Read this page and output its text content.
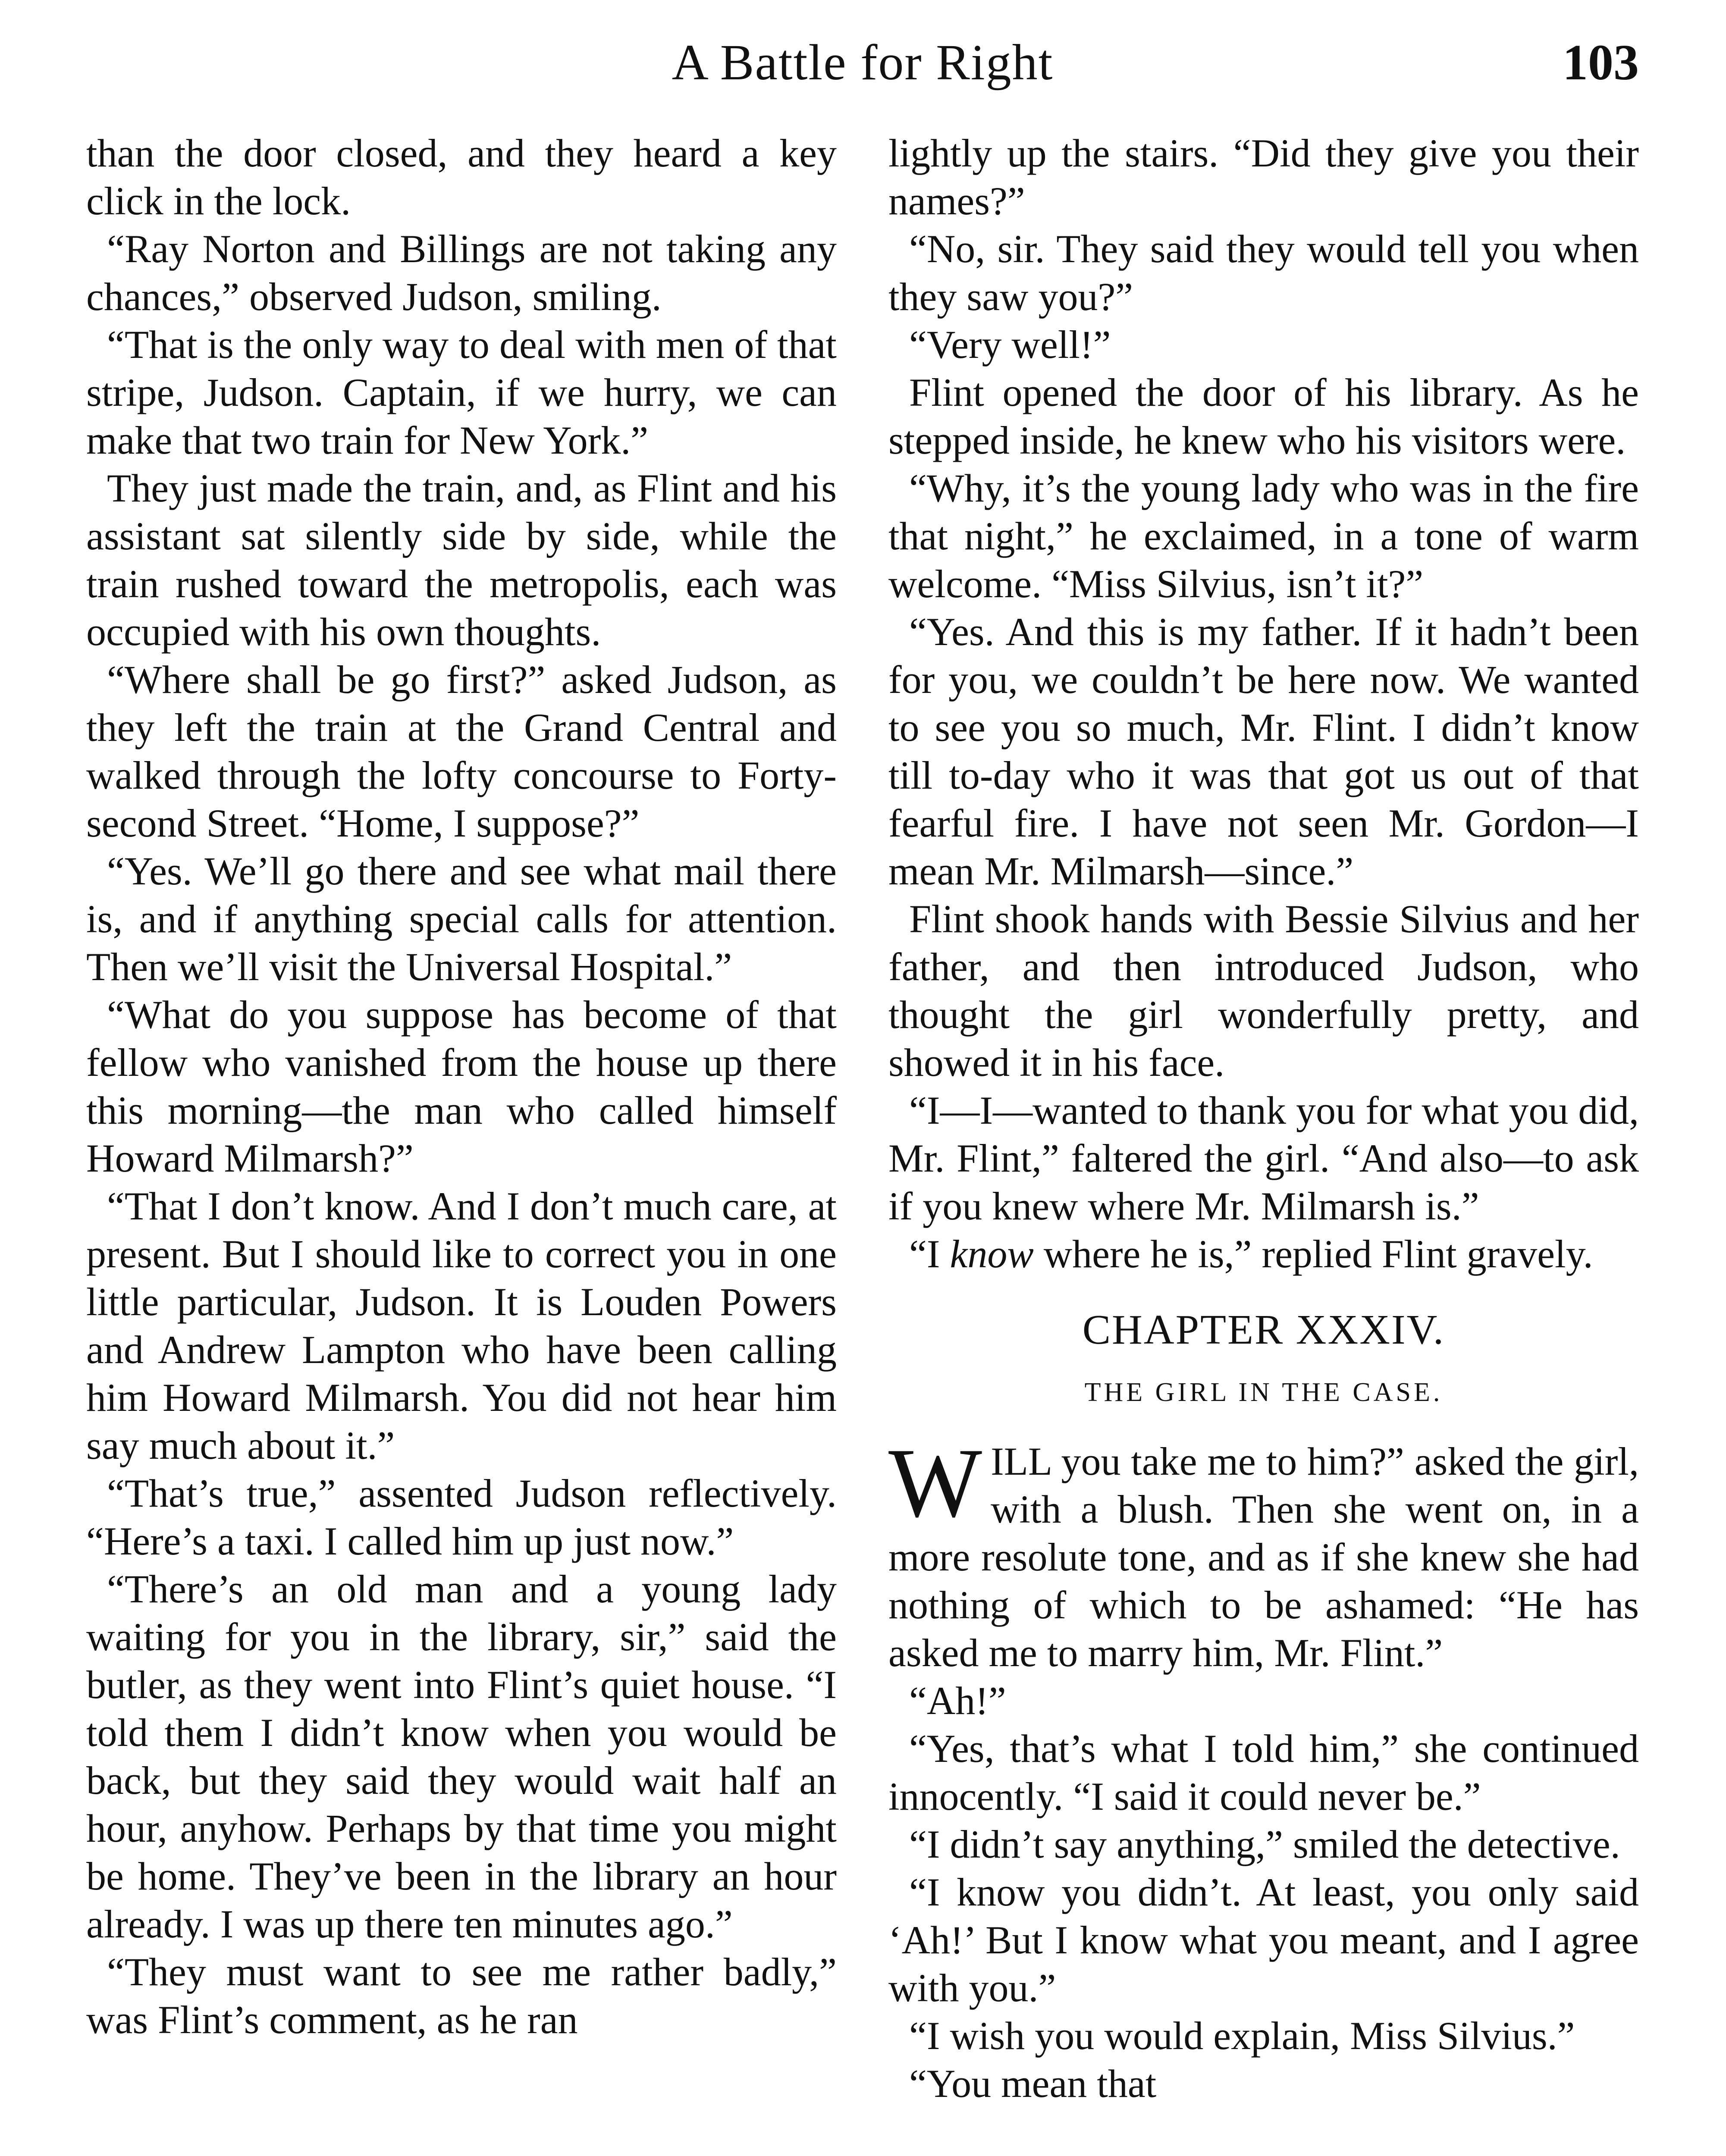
A Battle for Right	103

than the door closed, and they heard a key click in the lock.

“Ray Norton and Billings are not taking any chances,” observed Judson, smiling.

“That is the only way to deal with men of that stripe, Judson. Captain, if we hurry, we can make that two train for New York.”

They just made the train, and, as Flint and his assistant sat silently side by side, while the train rushed toward the metropolis, each was occupied with his own thoughts.

“Where shall be go first?” asked Judson, as they left the train at the Grand Central and walked through the lofty concourse to Forty-second Street. “Home, I suppose?”

“Yes. We’ll go there and see what mail there is, and if anything special calls for attention. Then we’ll visit the Universal Hospital.”

“What do you suppose has become of that fellow who vanished from the house up there this morning—the man who called himself Howard Milmarsh?”

“That I don’t know. And I don’t much care, at present. But I should like to correct you in one little particular, Judson. It is Louden Powers and Andrew Lampton who have been calling him Howard Milmarsh. You did not hear him say much about it.”

“That’s true,” assented Judson reflectively. “Here’s a taxi. I called him up just now.”

“There’s an old man and a young lady waiting for you in the library, sir,” said the butler, as they went into Flint’s quiet house. “I told them I didn’t know when you would be back, but they said they would wait half an hour, anyhow. Perhaps by that time you might be home. They’ve been in the library an hour already. I was up there ten minutes ago.”

“They must want to see me rather badly,” was Flint’s comment, as he ran

lightly up the stairs. “Did they give you their names?”

“No, sir. They said they would tell you when they saw you?”

“Very well!”

Flint opened the door of his library. As he stepped inside, he knew who his visitors were.

“Why, it’s the young lady who was in the fire that night,” he exclaimed, in a tone of warm welcome. “Miss Silvius, isn’t it?”

“Yes. And this is my father. If it hadn’t been for you, we couldn’t be here now. We wanted to see you so much, Mr. Flint. I didn’t know till to-day who it was that got us out of that fearful fire. I have not seen Mr. Gordon—I mean Mr. Milmarsh—since.”

Flint shook hands with Bessie Silvius and her father, and then introduced Judson, who thought the girl wonderfully pretty, and showed it in his face.

“I—I—wanted to thank you for what you did, Mr. Flint,” faltered the girl. “And also—to ask if you knew where Mr. Milmarsh is.”

“I know where he is,” replied Flint gravely.

CHAPTER XXXIV.
THE GIRL IN THE CASE.

WILL you take me to him?” asked the girl, with a blush. Then she went on, in a more resolute tone, and as if she knew she had nothing of which to be ashamed: “He has asked me to marry him, Mr. Flint.”

“Ah!”

“Yes, that’s what I told him,” she continued innocently. “I said it could never be.”

“I didn’t say anything,” smiled the detective.

“I know you didn’t. At least, you only said ‘Ah!’ But I know what you meant, and I agree with you.”

“I wish you would explain, Miss Silvius.”

“You mean that
